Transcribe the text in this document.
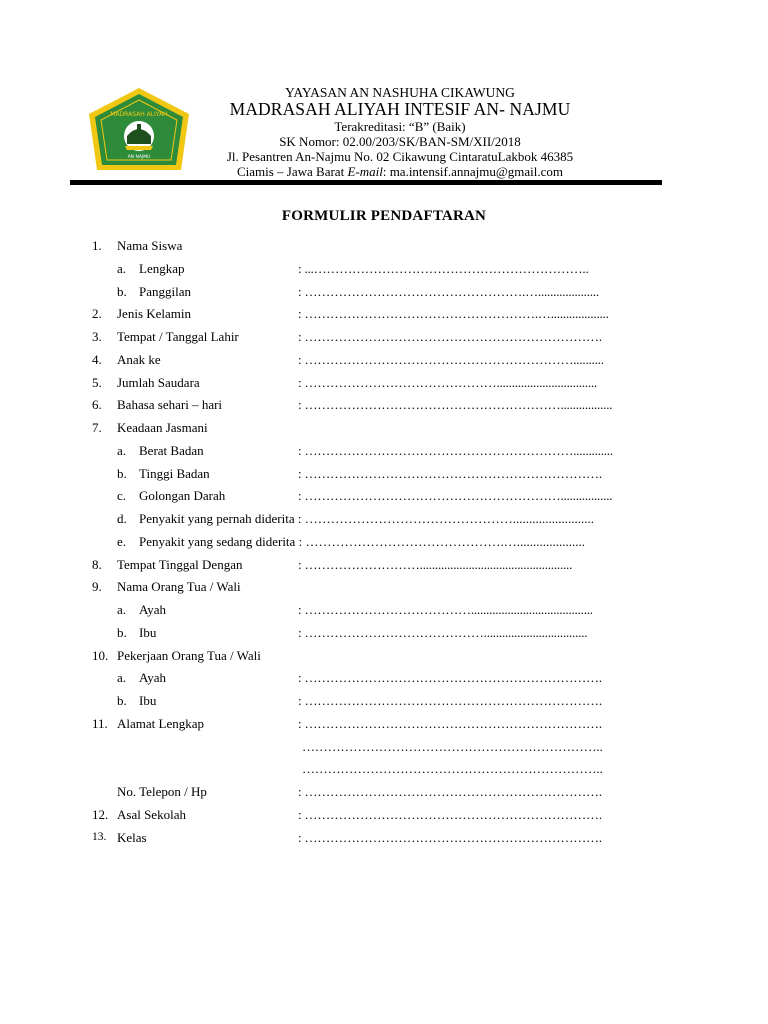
MADRASAH ALIYAH
AN NAJMU
YAYASAN AN NASHUHA CIKAWUNG
MADRASAH ALIYAH INTESIF AN- NAJMU
Terakreditasi: “B” (Baik)
SK Nomor: 02.00/203/SK/BAN-SM/XII/2018
Jl. Pesantren An-Najmu No. 02 Cikawung CintaratuLakbok 46385
Ciamis – Jawa Barat E-mail: ma.intensif.annajmu@gmail.com
FORMULIR PENDAFTARAN
1. Nama Siswa
a. Lengkap	: ...………………………………………………………..
b. Panggilan	: …………………………………………….…....................
2. Jenis Kelamin	: ……………………………………………….…...................
3. Tempat / Tanggal Lahir	: …………………………………………………………….
4. Anak ke	: ………………………………………………………..........
5. Jumlah Saudara	: ……………………………………….................................
6. Bahasa sehari – hari	: …………………………………………………….................
7. Keadaan Jasmani
a. Berat Badan	: ……………………………………………………….............
b. Tinggi Badan	: …………………………………………………………….
c. Golongan Darah	: …………………………………………………….................
d. Penyakit yang pernah diderita : ………………………………………….........................
e. Penyakit yang sedang diderita : ……………………………………….….....................
8. Tempat Tinggal Dengan	: ………………………..................................................
9. Nama Orang Tua / Wali
a. Ayah	: …………………………………........................................
b. Ibu	: ……………………………………..................................
10. Pekerjaan Orang Tua / Wali
a. Ayah	: …………………………………………………………….
b. Ibu	: …………………………………………………………….
11. Alamat Lengkap	: …………………………………………………………….
……………………………………………………………..
……………………………………………………………..
No. Telepon / Hp	: …………………………………………………………….
12. Asal Sekolah	: …………………………………………………………….
13. Kelas	: …………………………………………………………….
